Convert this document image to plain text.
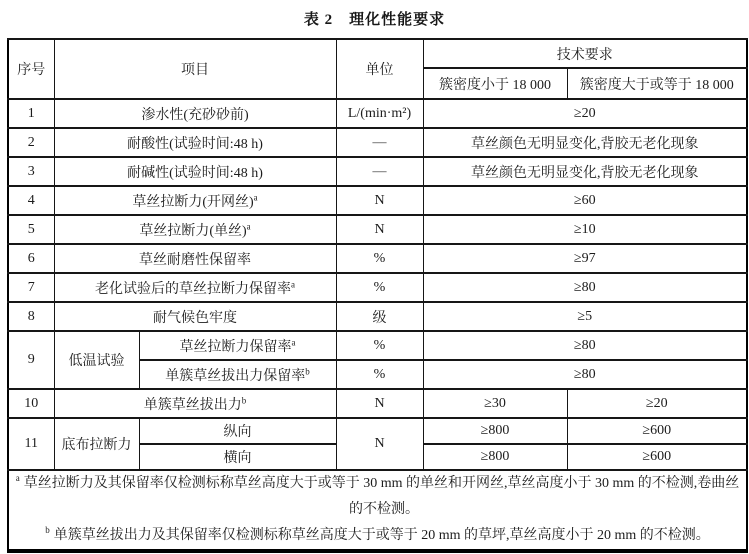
表 2　理化性能要求
序号	项目		单位	技术要求	
				簇密度小于 18 000	簇密度大于或等于 18 000
1	渗水性(充砂砂前)		L/(min·m²)	≥20	
2	耐酸性(试验时间:48 h)		—	草丝颜色无明显变化,背胶无老化现象	
3	耐碱性(试验时间:48 h)		—	草丝颜色无明显变化,背胶无老化现象	
4	草丝拉断力(开网丝)$^a$		N	≥60	
5	草丝拉断力(单丝)$^a$		N	≥10	
6	草丝耐磨性保留率		%	≥97	
7	老化试验后的草丝拉断力保留率$^a$		%	≥80	
8	耐气候色牢度		级	≥5	
9	低温试验	草丝拉断力保留率$^a$	%	≥80	
		单簇草丝拔出力保留率$^b$	%	≥80	
10	单簇草丝拔出力$^b$		N	≥30	≥20
11	底布拉断力	纵向	N	≥800	≥600
		横向		≥800	≥600

$^a$ 草丝拉断力及其保留率仅检测标称草丝高度大于或等于 30 mm 的单丝和开网丝,草丝高度小于 30 mm 的不检测,卷曲丝的不检测。
$^b$ 单簇草丝拔出力及其保留率仅检测标称草丝高度大于或等于 20 mm 的草坪,草丝高度小于 20 mm 的不检测。					
